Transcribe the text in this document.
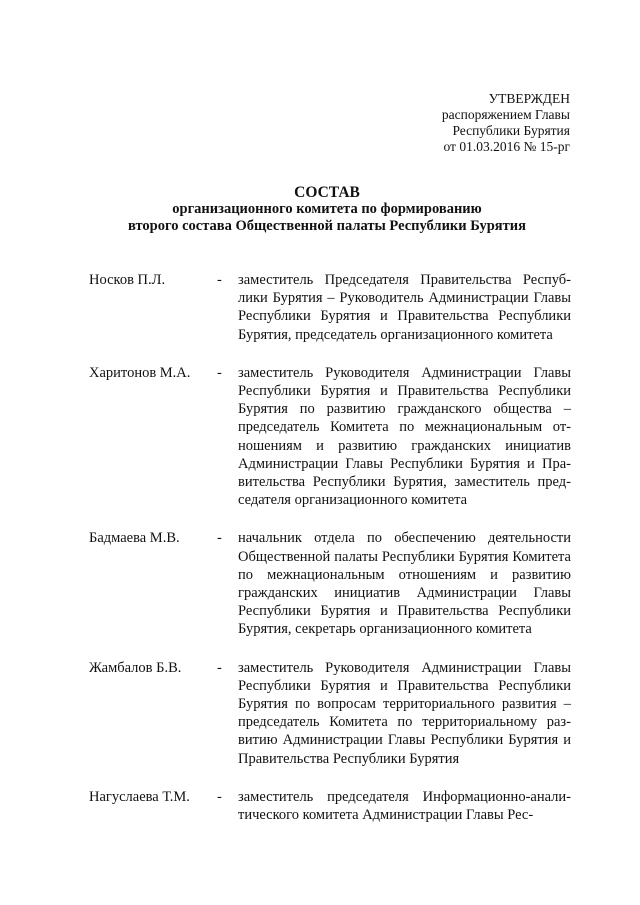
УТВЕРЖДЕН
распоряжением Главы
Республики Бурятия
от 01.03.2016 № 15-рг
СОСТАВ
организационного комитета по формированию
второго состава Общественной палаты Республики Бурятия
Носков П.Л.	-	заместитель Председателя Правительства Республики Бурятия – Руководитель Администрации Главы Республики Бурятия и Правительства Республики Бурятия, председатель организационного комитета
Харитонов М.А.	-	заместитель Руководителя Администрации Главы Республики Бурятия и Правительства Республики Бурятия по развитию гражданского общества – председатель Комитета по межнациональным отношениям и развитию гражданских инициатив Администрации Главы Республики Бурятия и Правительства Республики Бурятия, заместитель председателя организационного комитета
Бадмаева М.В.	-	начальник отдела по обеспечению деятельности Общественной палаты Республики Бурятия Комитета по межнациональным отношениям и развитию гражданских инициатив Администрации Главы Республики Бурятия и Правительства Республики Бурятия, секретарь организационного комитета
Жамбалов Б.В.	-	заместитель Руководителя Администрации Главы Республики Бурятия и Правительства Республики Бурятия по вопросам территориального развития – председатель Комитета по территориальному развитию Администрации Главы Республики Бурятия и Правительства Республики Бурятия
Нагуслаева Т.М.	-	заместитель председателя Информационно-аналитического комитета Администрации Главы Рес-
